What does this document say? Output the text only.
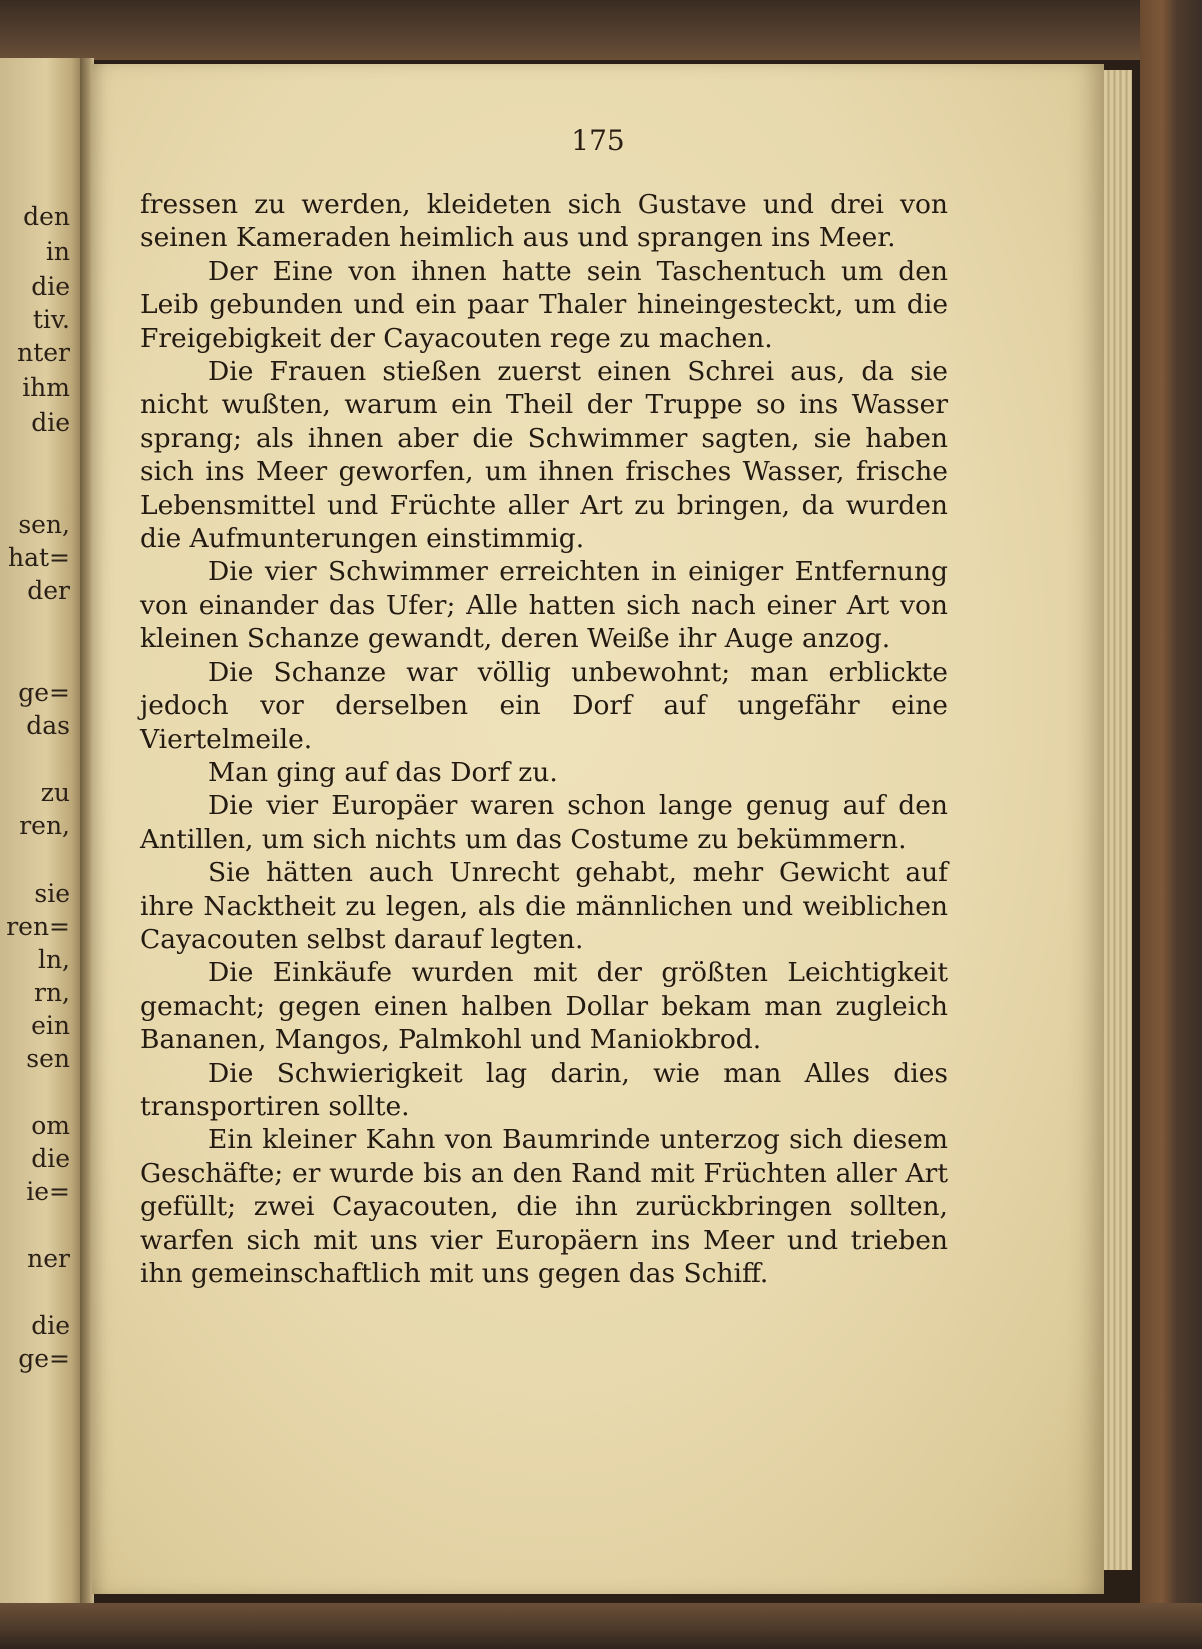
den
in
die
tiv.
nter
ihm
die
sen,
hat=
der
ge=
das
zu
ren,
sie
ren=
ln,
rn,
ein
sen
om
die
ie=
ner
die
ge=
175

fressen zu werden, kleideten sich Gustave und drei von seinen Kameraden heimlich aus und sprangen ins Meer.

Der Eine von ihnen hatte sein Taschentuch um den Leib gebunden und ein paar Thaler hineingesteckt, um die Freigebigkeit der Cayacouten rege zu machen.

Die Frauen stießen zuerst einen Schrei aus, da sie nicht wußten, warum ein Theil der Truppe so ins Wasser sprang; als ihnen aber die Schwimmer sagten, sie haben sich ins Meer geworfen, um ihnen frisches Wasser, frische Lebensmittel und Früchte aller Art zu bringen, da wurden die Aufmunterungen einstimmig.

Die vier Schwimmer erreichten in einiger Entfernung von einander das Ufer; Alle hatten sich nach einer Art von kleinen Schanze gewandt, deren Weiße ihr Auge anzog.

Die Schanze war völlig unbewohnt; man erblickte jedoch vor derselben ein Dorf auf ungefähr eine Viertelmeile.

Man ging auf das Dorf zu.

Die vier Europäer waren schon lange genug auf den Antillen, um sich nichts um das Costume zu bekümmern.

Sie hätten auch Unrecht gehabt, mehr Gewicht auf ihre Nacktheit zu legen, als die männlichen und weiblichen Cayacouten selbst darauf legten.

Die Einkäufe wurden mit der größten Leichtigkeit gemacht; gegen einen halben Dollar bekam man zugleich Bananen, Mangos, Palmkohl und Maniokbrod.

Die Schwierigkeit lag darin, wie man Alles dies transportiren sollte.

Ein kleiner Kahn von Baumrinde unterzog sich diesem Geschäfte; er wurde bis an den Rand mit Früchten aller Art gefüllt; zwei Cayacouten, die ihn zurückbringen sollten, warfen sich mit uns vier Europäern ins Meer und trieben ihn gemeinschaftlich mit uns gegen das Schiff.
